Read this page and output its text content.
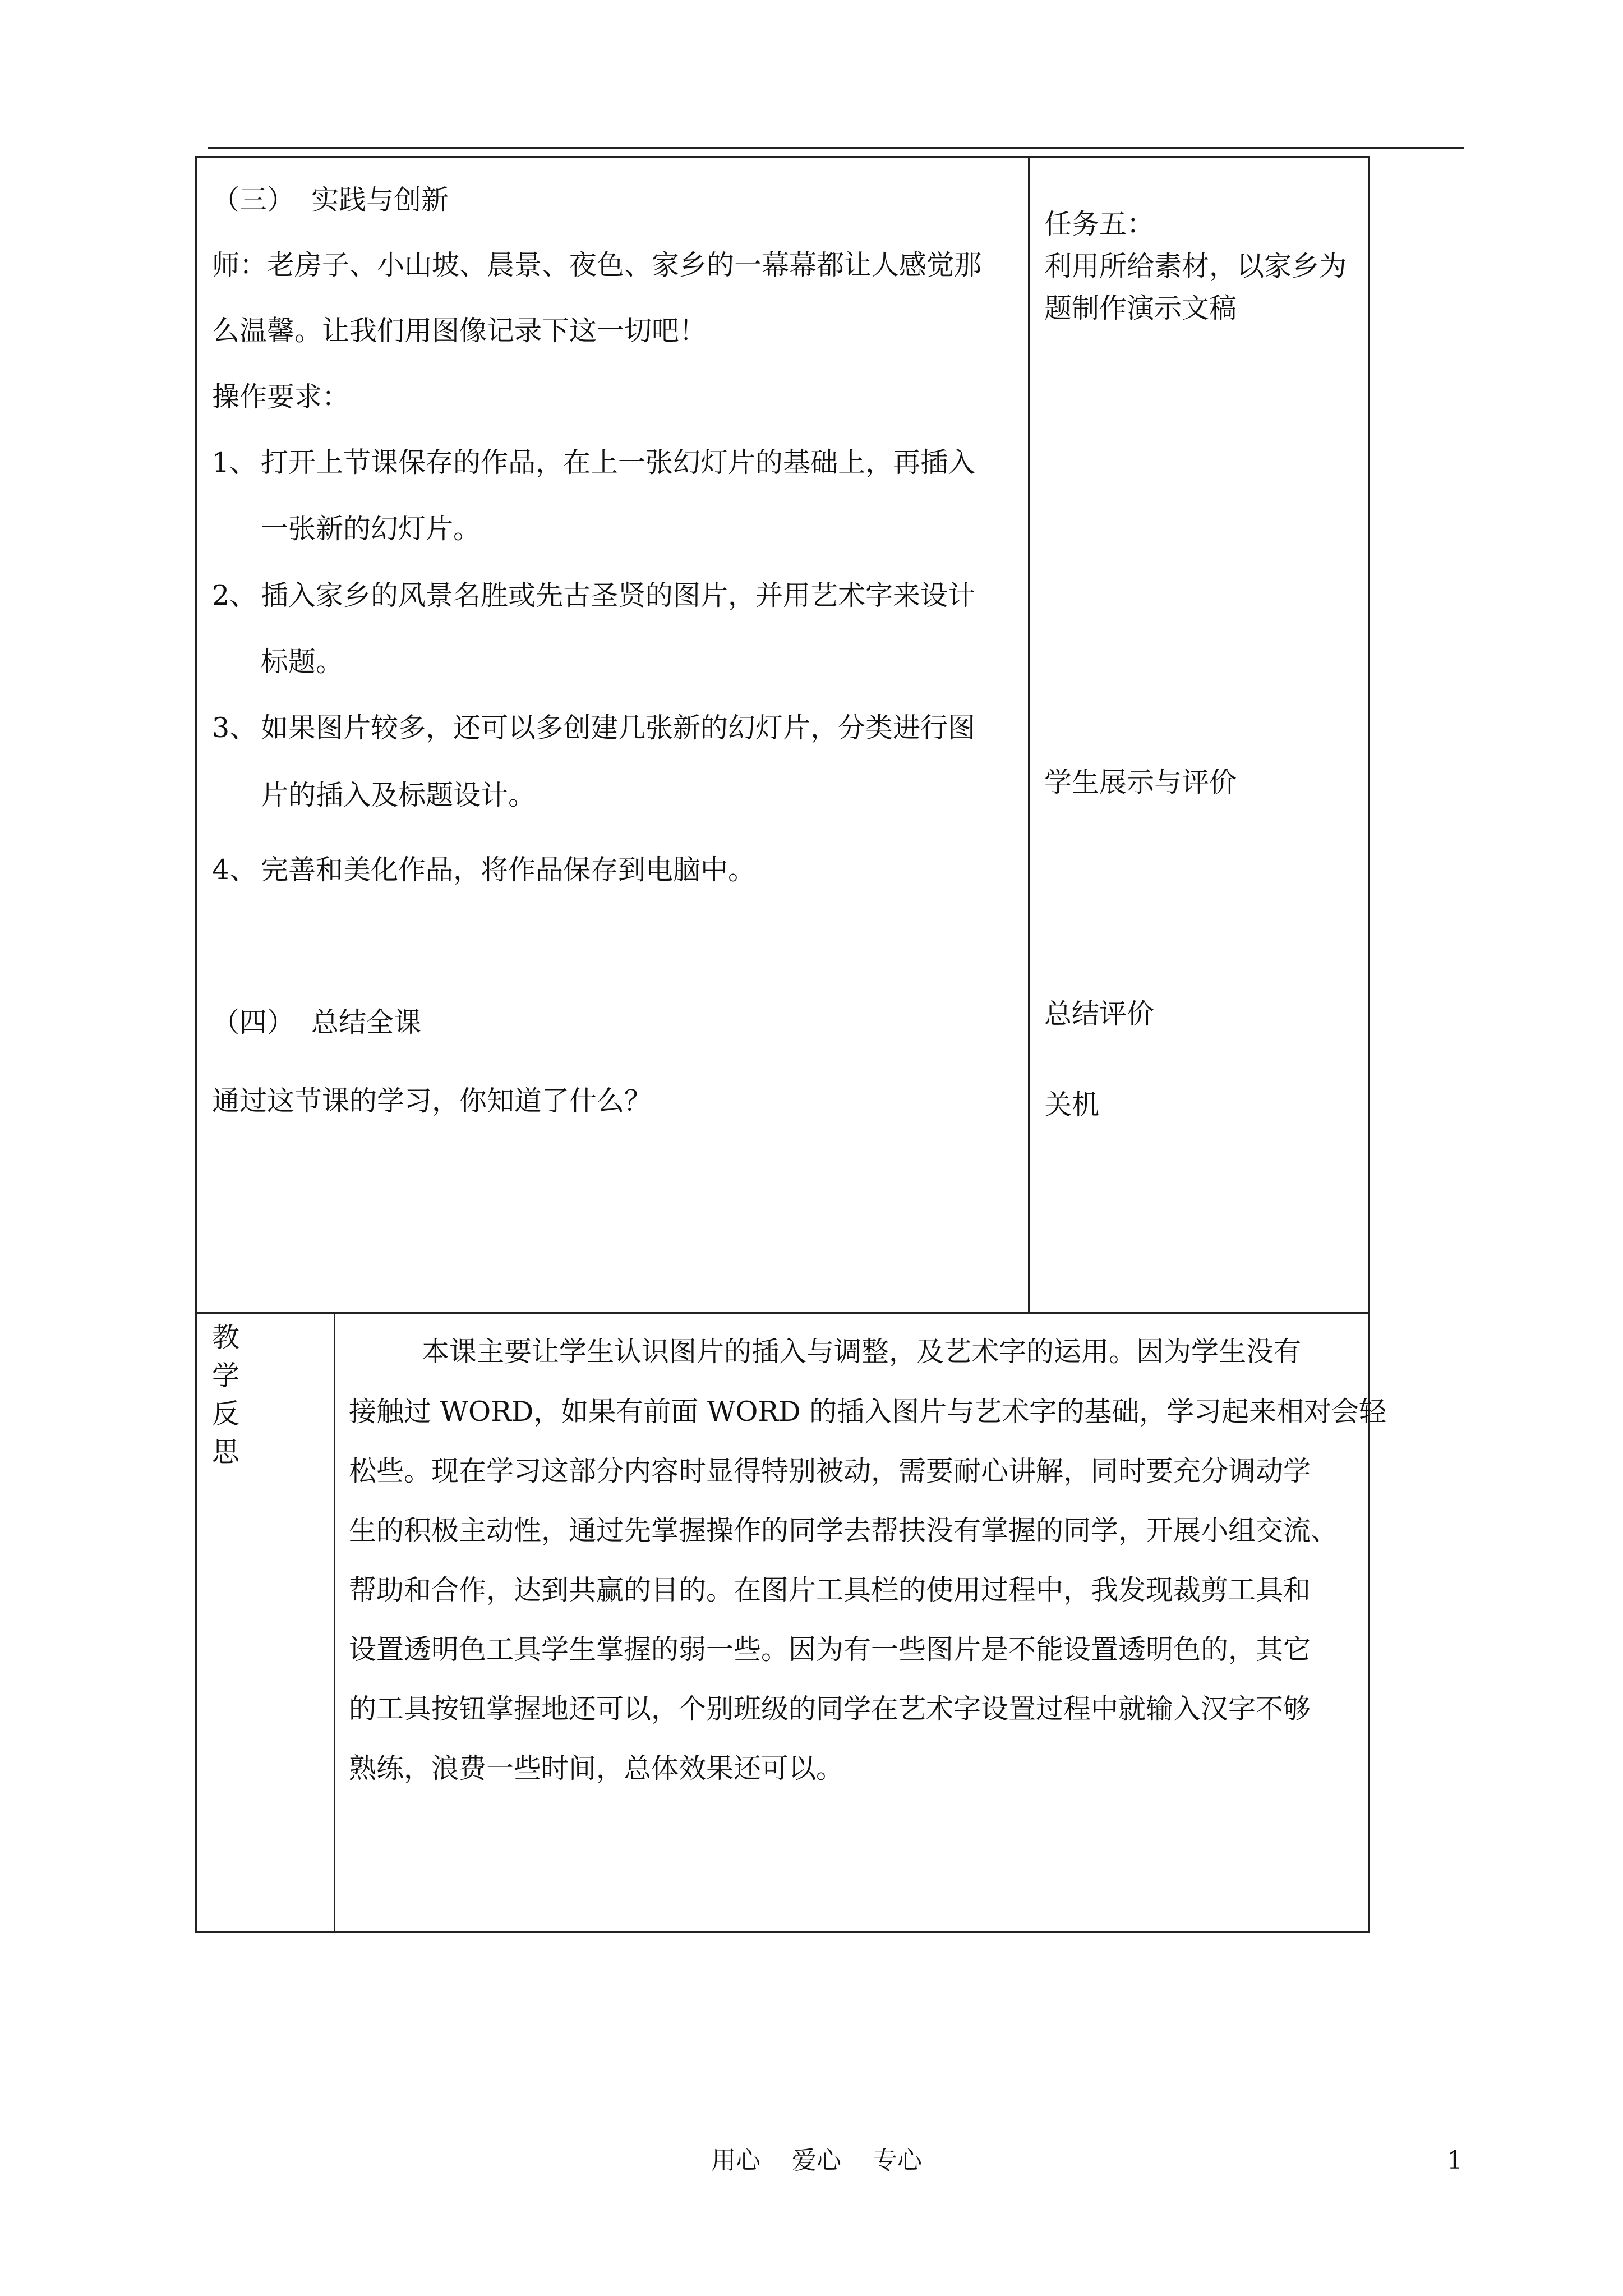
（三） 实践与创新
师：老房子、小山坡、晨景、夜色、家乡的一幕幕都让人感觉那
么温馨。让我们用图像记录下这一切吧！
操作要求：
1、 打开上节课保存的作品，在上一张幻灯片的基础上，再插入
一张新的幻灯片。
2、 插入家乡的风景名胜或先古圣贤的图片，并用艺术字来设计
标题。
3、 如果图片较多，还可以多创建几张新的幻灯片，分类进行图
片的插入及标题设计。
4、 完善和美化作品，将作品保存到电脑中。
（四） 总结全课
通过这节课的学习，你知道了什么？
任务五：
利用所给素材，以家乡为
题制作演示文稿
学生展示与评价
总结评价
关机
教
学
反
思
本课主要让学生认识图片的插入与调整，及艺术字的运用。因为学生没有
接触过 WORD，如果有前面 WORD 的插入图片与艺术字的基础，学习起来相对会轻
松些。现在学习这部分内容时显得特别被动，需要耐心讲解，同时要充分调动学
生的积极主动性，通过先掌握操作的同学去帮扶没有掌握的同学，开展小组交流、
帮助和合作，达到共赢的目的。在图片工具栏的使用过程中，我发现裁剪工具和
设置透明色工具学生掌握的弱一些。因为有一些图片是不能设置透明色的，其它
的工具按钮掌握地还可以，个别班级的同学在艺术字设置过程中就输入汉字不够
熟练，浪费一些时间，总体效果还可以。
用心    爱心    专心	1
